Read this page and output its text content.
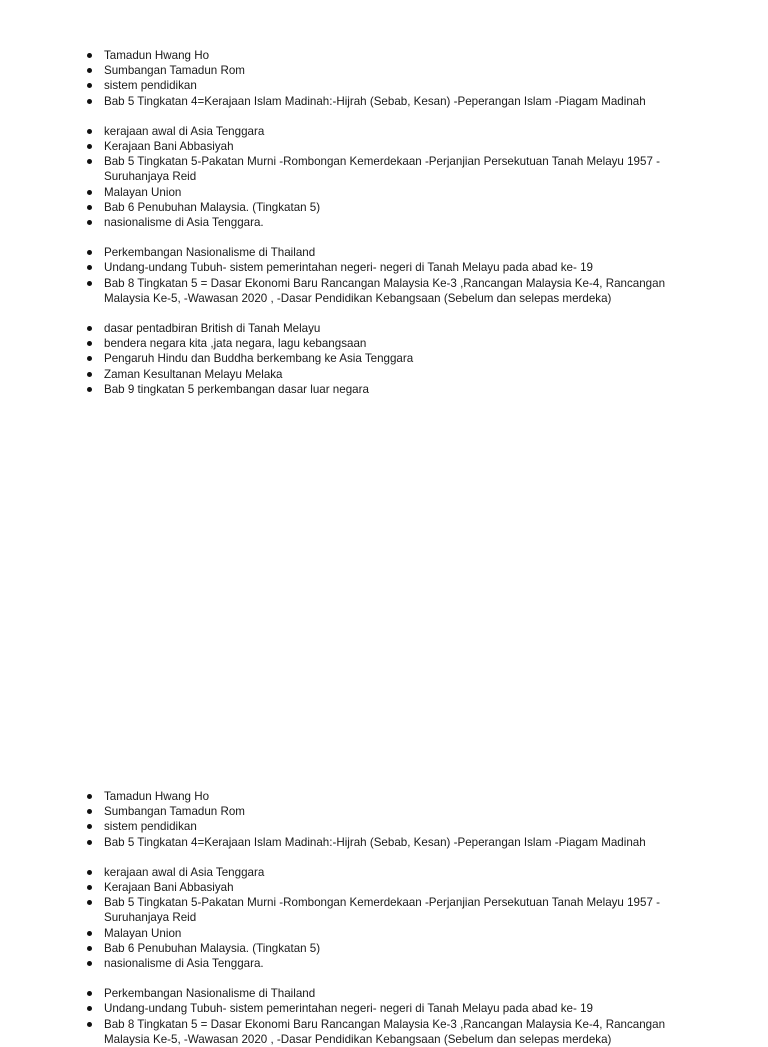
Tamadun Hwang Ho
Sumbangan Tamadun Rom
sistem pendidikan
Bab 5 Tingkatan 4=Kerajaan Islam Madinah:-Hijrah (Sebab, Kesan) -Peperangan Islam -Piagam Madinah
kerajaan awal di Asia Tenggara
Kerajaan Bani Abbasiyah
Bab 5 Tingkatan 5-Pakatan Murni -Rombongan Kemerdekaan -Perjanjian Persekutuan Tanah Melayu 1957 -Suruhanjaya Reid
Malayan Union
Bab 6 Penubuhan Malaysia. (Tingkatan 5)
nasionalisme di Asia Tenggara.
Perkembangan Nasionalisme di Thailand
Undang-undang Tubuh- sistem pemerintahan negeri- negeri di Tanah Melayu pada abad ke- 19
Bab 8 Tingkatan 5 = Dasar Ekonomi Baru Rancangan Malaysia Ke-3 ,Rancangan Malaysia Ke-4, Rancangan Malaysia Ke-5, -Wawasan 2020 , -Dasar Pendidikan Kebangsaan (Sebelum dan selepas merdeka)
dasar pentadbiran British di Tanah Melayu
bendera negara kita ,jata negara, lagu kebangsaan
Pengaruh Hindu dan Buddha berkembang ke Asia Tenggara
Zaman Kesultanan Melayu Melaka
Bab 9 tingkatan 5 perkembangan dasar luar negara
Tamadun Hwang Ho
Sumbangan Tamadun Rom
sistem pendidikan
Bab 5 Tingkatan 4=Kerajaan Islam Madinah:-Hijrah (Sebab, Kesan) -Peperangan Islam -Piagam Madinah
kerajaan awal di Asia Tenggara
Kerajaan Bani Abbasiyah
Bab 5 Tingkatan 5-Pakatan Murni -Rombongan Kemerdekaan -Perjanjian Persekutuan Tanah Melayu 1957 -Suruhanjaya Reid
Malayan Union
Bab 6 Penubuhan Malaysia. (Tingkatan 5)
nasionalisme di Asia Tenggara.
Perkembangan Nasionalisme di Thailand
Undang-undang Tubuh- sistem pemerintahan negeri- negeri di Tanah Melayu pada abad ke- 19
Bab 8 Tingkatan 5 = Dasar Ekonomi Baru Rancangan Malaysia Ke-3 ,Rancangan Malaysia Ke-4, Rancangan Malaysia Ke-5, -Wawasan 2020 , -Dasar Pendidikan Kebangsaan (Sebelum dan selepas merdeka)
